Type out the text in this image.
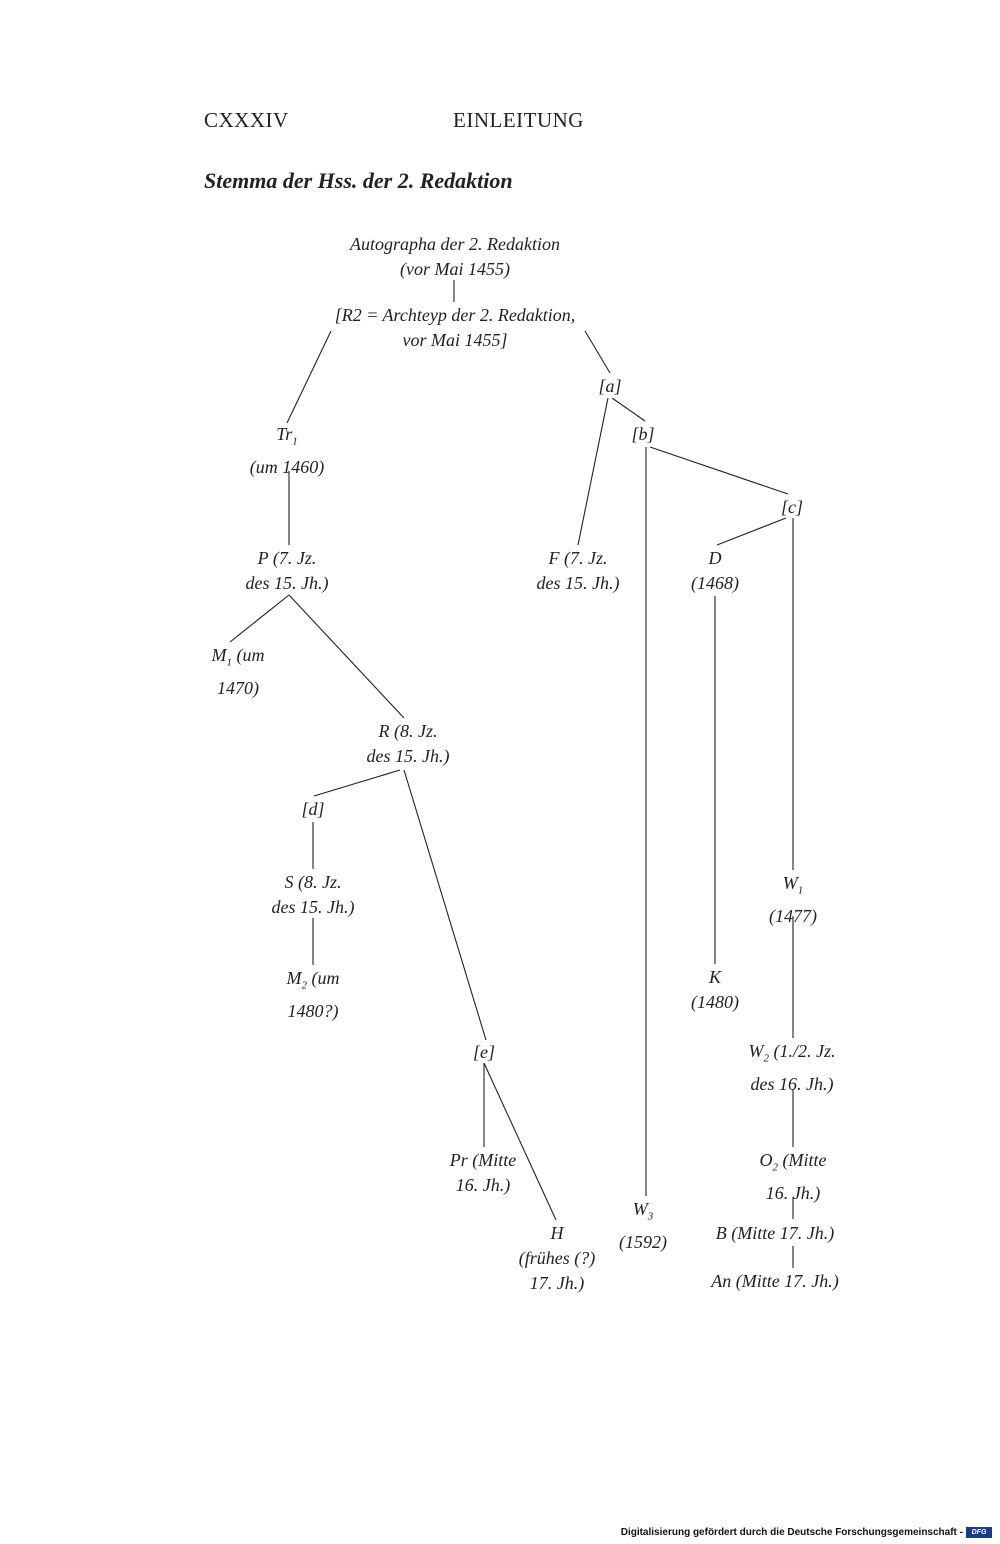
CXXXIV	EINLEITUNG
Stemma der Hss. der 2. Redaktion
Autographa der 2. Redaktion
(vor Mai 1455)
[R2 = Archteyp der 2. Redaktion,
vor Mai 1455]
[a]
[b]
[c]
$Tr_1$
(um 1460)
P (7. Jz.
des 15. Jh.)
F (7. Jz.
des 15. Jh.)
D
(1468)
$M_1$ (um
1470)
R (8. Jz.
des 15. Jh.)
[d]
S (8. Jz.
des 15. Jh.)
$M_2$ (um
1480?)
$W_1$
(1477)
K
(1480)
[e]	$W_2$ (1./2. Jz.
des 16. Jh.)
Pr (Mitte
16. Jh.)
$O_2$ (Mitte
16. Jh.)
H
(frühes (?)
17. Jh.)
$W_3$
(1592)	B (Mitte 17. Jh.)
An (Mitte 17. Jh.)
Digitalisierung gefördert durch die Deutsche Forschungsgemeinschaft -	DFG
